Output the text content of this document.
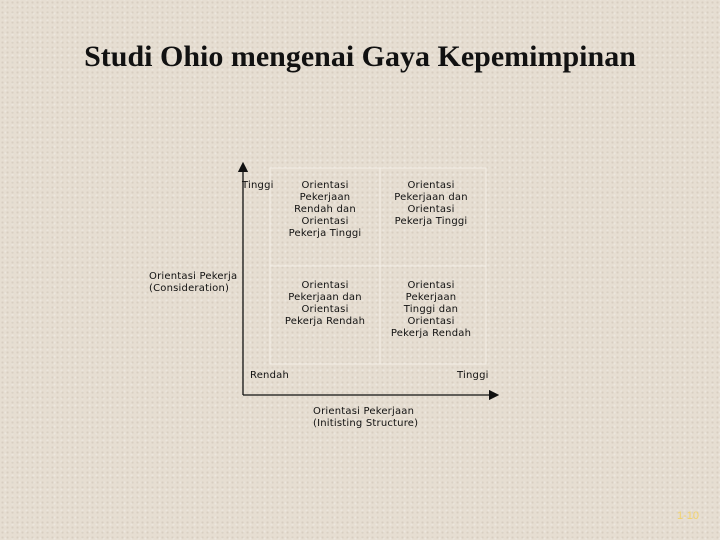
Studi Ohio mengenai Gaya Kepemimpinan
Orientasi
Pekerjaan
Rendah dan
Orientasi
Pekerja Tinggi
Orientasi
Pekerjaan dan
Orientasi
Pekerja Tinggi
Orientasi
Pekerjaan dan
Orientasi
Pekerja Rendah
Orientasi
Pekerjaan
Tinggi dan
Orientasi
Pekerja Rendah
Orientasi Pekerja
(Consideration)
Tinggi
Rendah	Tinggi
Orientasi Pekerjaan
(Initisting Structure)
1-10
